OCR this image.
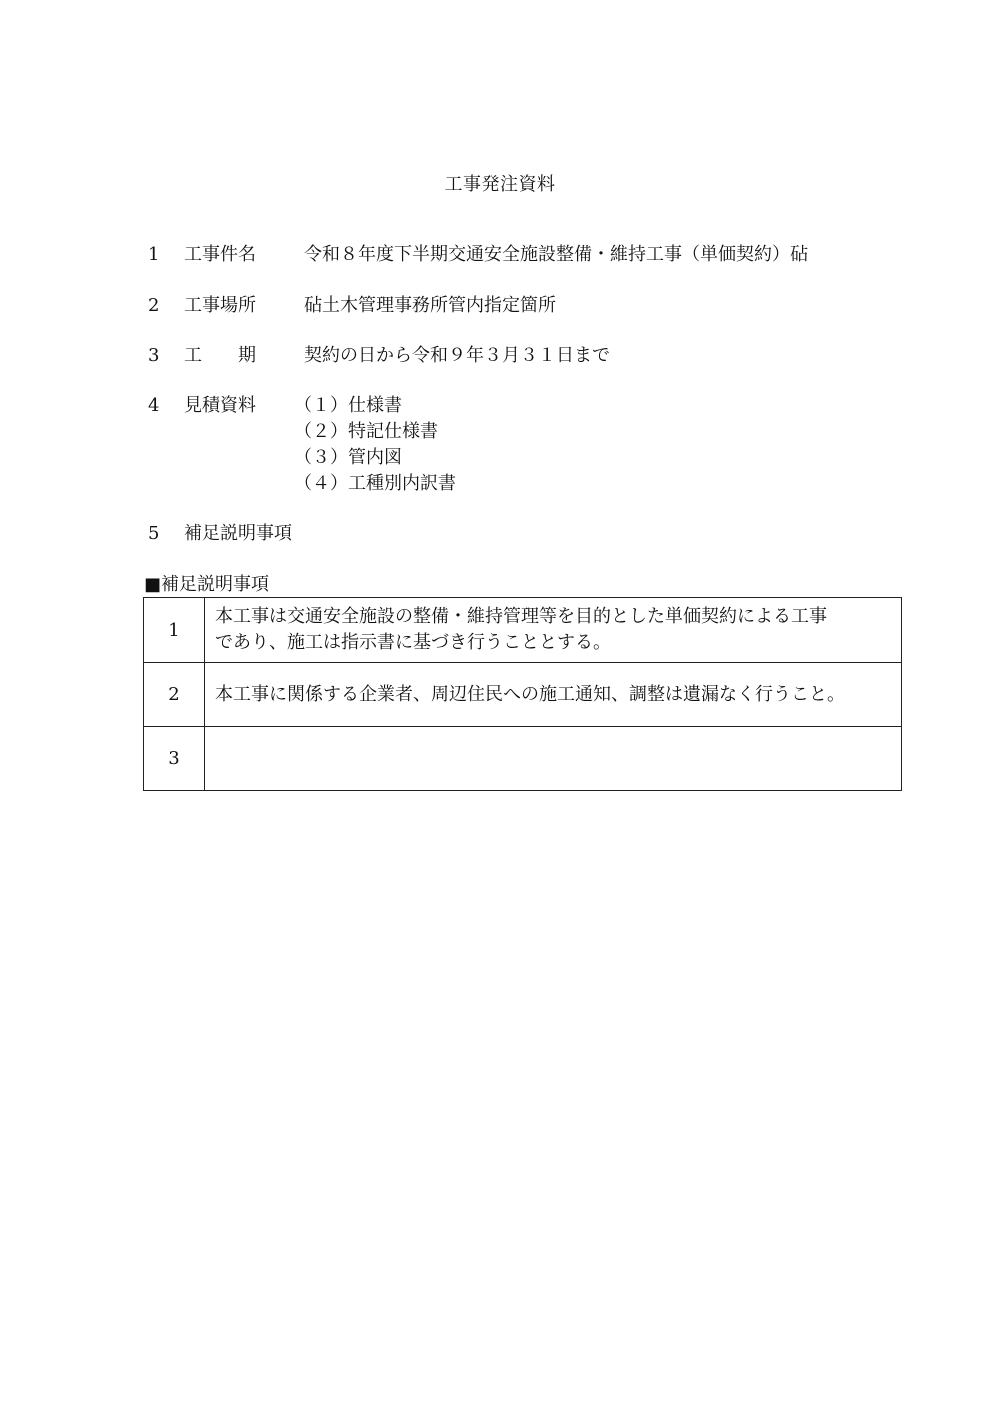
工事発注資料
1	工事件名	令和８年度下半期交通安全施設整備・維持工事（単価契約）砧
2	工事場所	砧土木管理事務所管内指定箇所
3	工　　期	契約の日から令和９年３月３１日まで
4	見積資料	（１）仕様書
（２）特記仕様書
（３）管内図
（４）工種別内訳書
5	補足説明事項
■補足説明事項
1	本工事は交通安全施設の整備・維持管理等を目的とした単価契約による工事
であり、施工は指示書に基づき行うこととする。

2	本工事に関係する企業者、周辺住民への施工通知、調整は遺漏なく行うこと。

3	
